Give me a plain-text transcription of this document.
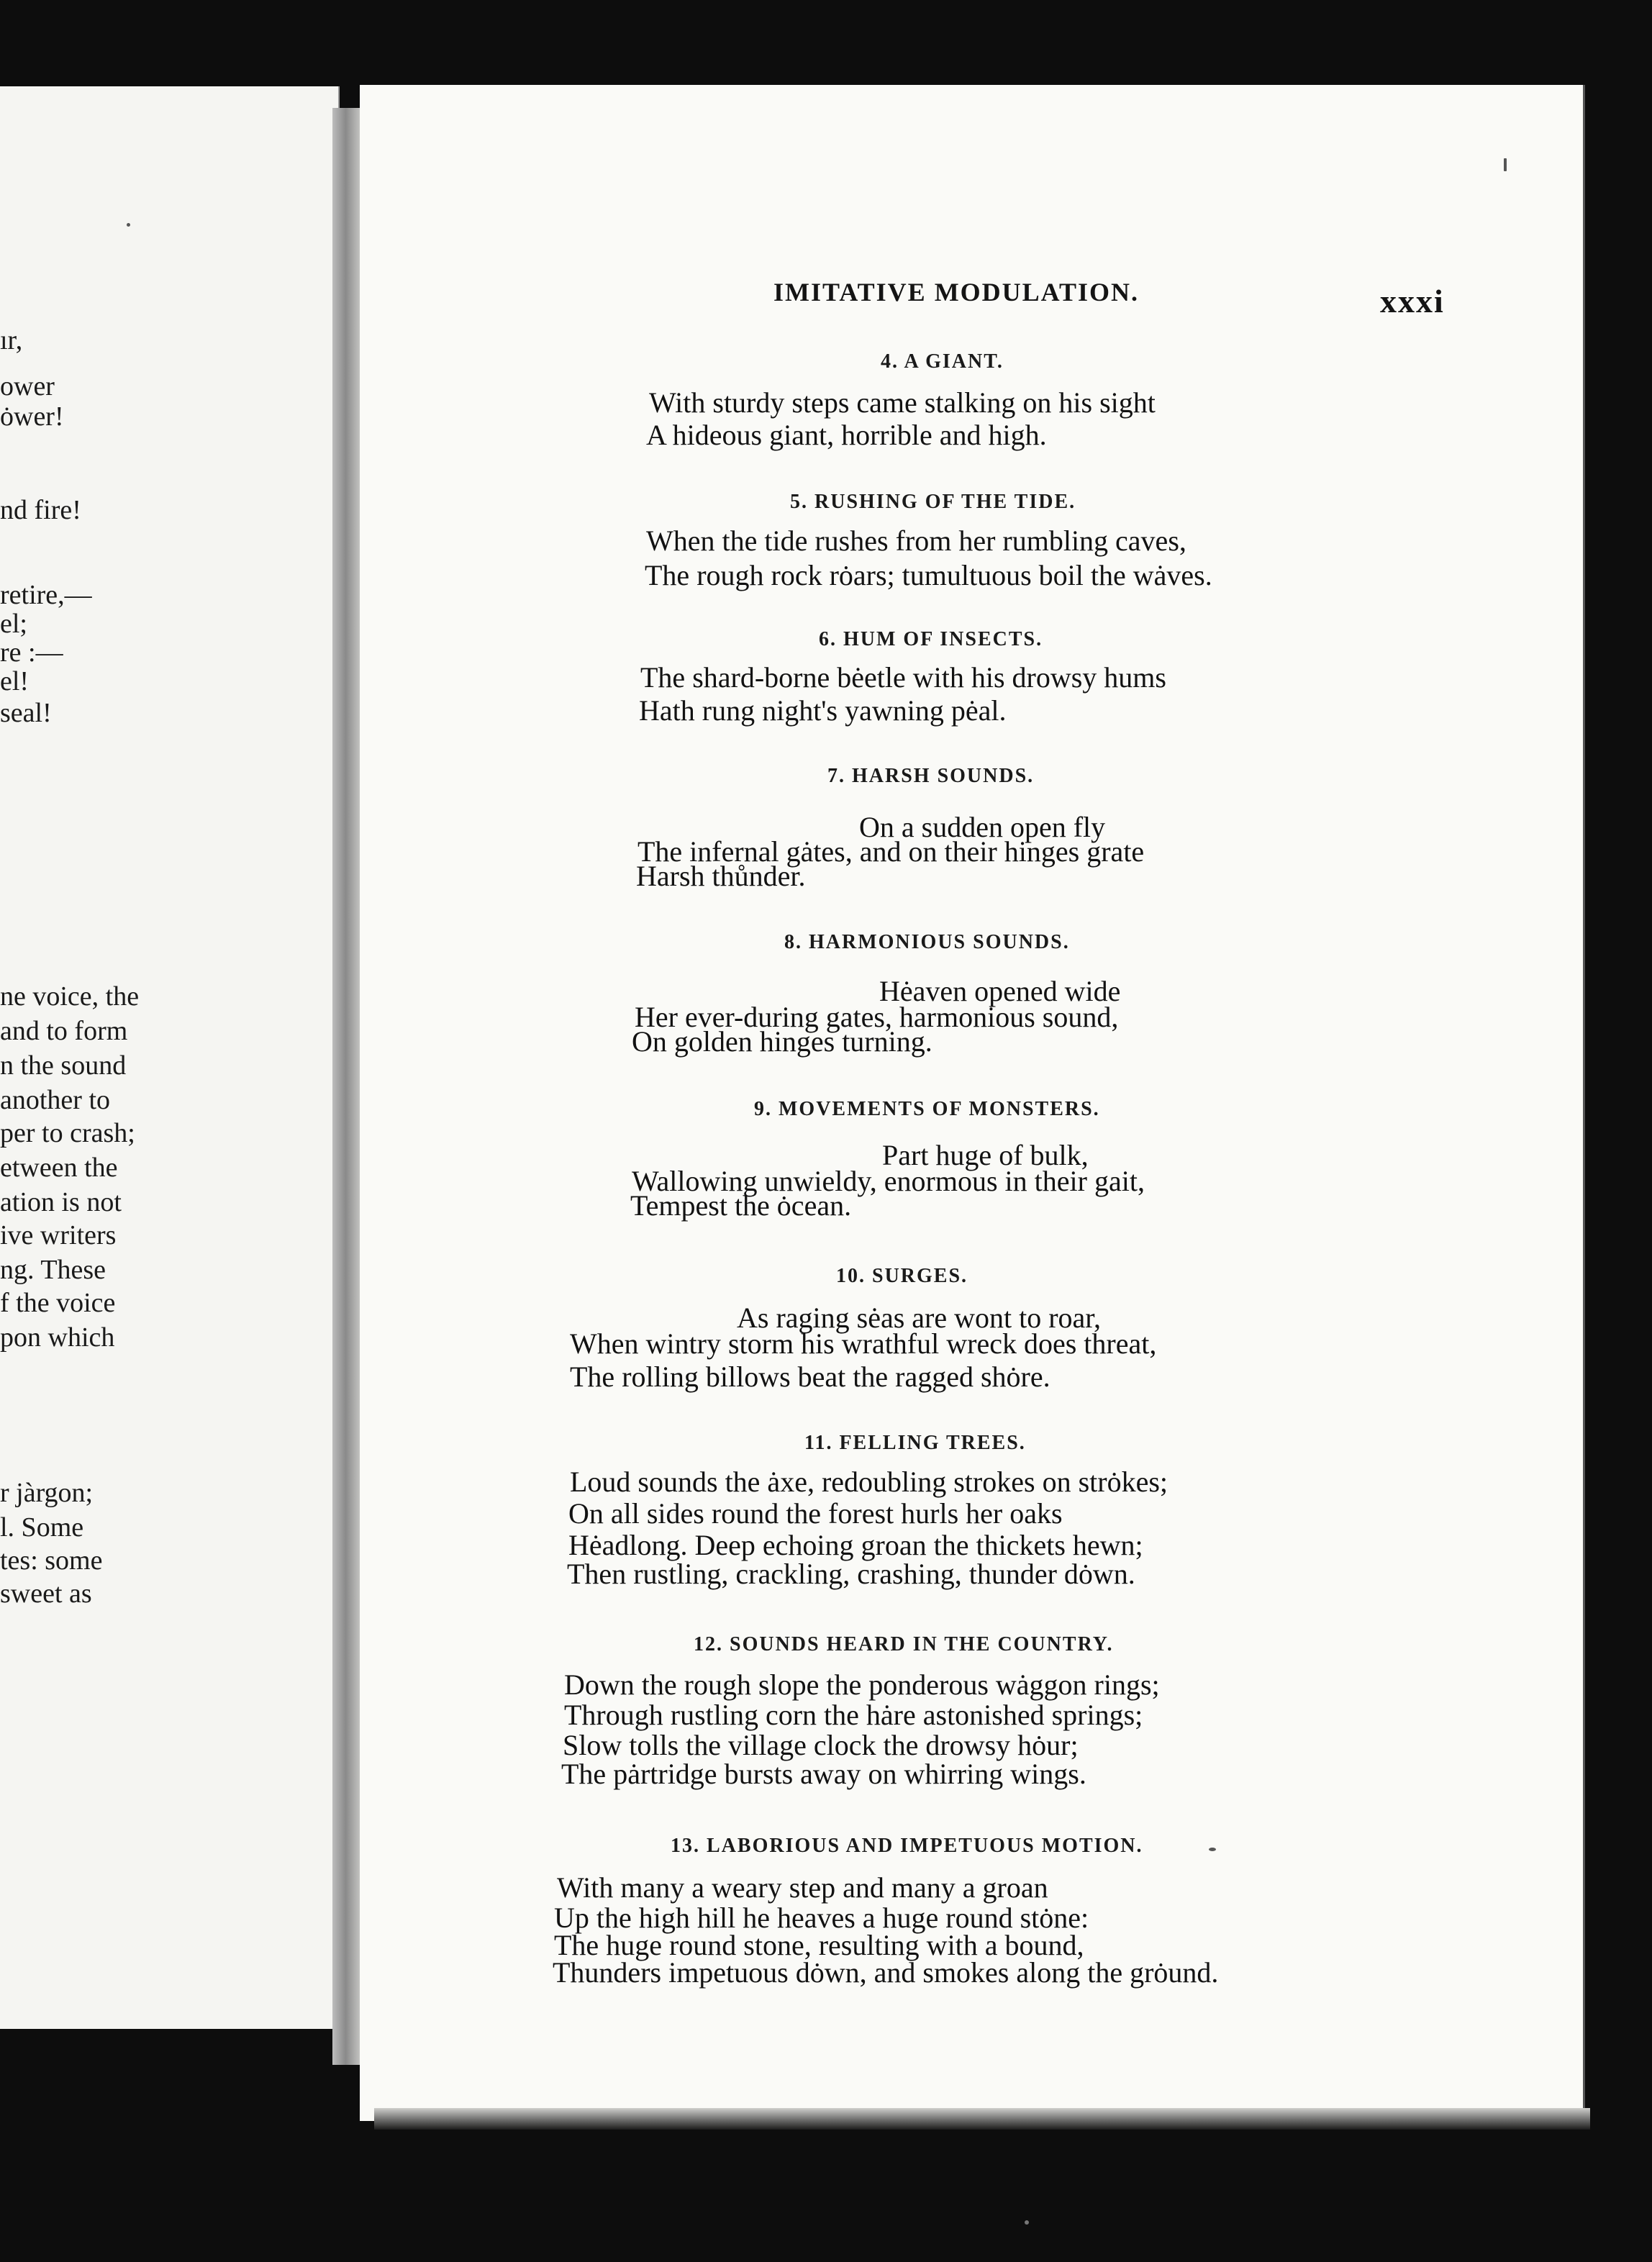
ır,
ower
ȯwer!
nd fire!
retire,—
el;
re :—
el!
seal!
ne voice, the
and to form
n the sound
another to
per to crash;
etween the
ation is not
ive writers
ng. These
f the voice
pon which
r jàrgon;
l. Some
tes: some
sweet as
IMITATIVE MODULATION.	xxxi
4. A GIANT.
With sturdy steps came stalking on his sight
A hideous giant, horrible and high.
5. RUSHING OF THE TIDE.
When the tide rushes from her rumbling caves,
The rough rock rȯars; tumultuous boil the wȧves.
6. HUM OF INSECTS.
The shard-borne bėetle with his drowsy hums
Hath rung night's yawning pėal.
7. HARSH SOUNDS.
On a sudden open fly
The infernal gȧtes, and on their hinges grate
Harsh thůnder.
8. HARMONIOUS SOUNDS.
Hėaven opened wide
Her ever-during gates, harmonious sound,
On golden hinges turning.
9. MOVEMENTS OF MONSTERS.
Part huge of bulk,
Wallowing unwieldy, enormous in their gait,
Tempest the ȯcean.
10. SURGES.
As raging sėas are wont to roar,
When wintry storm his wrathful wreck does threat,
The rolling billows beat the ragged shȯre.
11. FELLING TREES.
Loud sounds the ȧxe, redoubling strokes on strȯkes;
On all sides round the forest hurls her oaks
Hėadlong. Deep echoing groan the thickets hewn;
Then rustling, crackling, crashing, thunder dȯwn.
12. SOUNDS HEARD IN THE COUNTRY.
Down the rough slope the ponderous wȧggon rings;
Through rustling corn the hȧre astonished springs;
Slow tolls the village clock the drowsy hȯur;
The pȧrtridge bursts away on whirring wings.
13. LABORIOUS AND IMPETUOUS MOTION.
With many a weary step and many a groan
Up the high hill he heaves a huge round stȯne:
The huge round stone, resulting with a bound,
Thunders impetuous dȯwn, and smokes along the grȯund.
